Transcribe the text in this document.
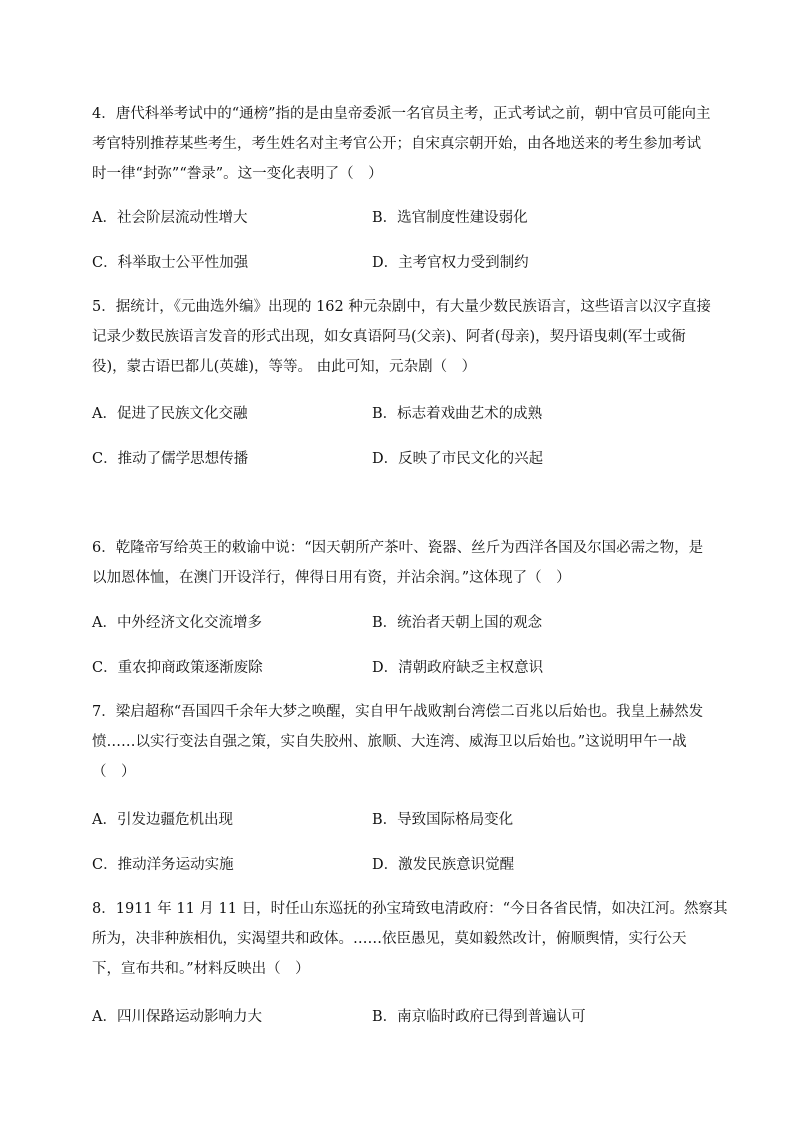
4．唐代科举考试中的“通榜”指的是由皇帝委派一名官员主考，正式考试之前，朝中官员可能向主
考官特别推荐某些考生，考生姓名对主考官公开；自宋真宗朝开始，由各地送来的考生参加考试
时一律“封弥”“誊录”。这一变化表明了（　）
A．社会阶层流动性增大	B．选官制度性建设弱化
C．科举取士公平性加强	D．主考官权力受到制约
5．据统计，《元曲选外编》出现的 162 种元杂剧中，有大量少数民族语言，这些语言以汉字直接
记录少数民族语言发音的形式出现，如女真语阿马(父亲)、阿者(母亲)，契丹语曳刺(军士或衙
役)，蒙古语巴都儿(英雄)，等等。 由此可知，元杂剧（　）
A．促进了民族文化交融	B．标志着戏曲艺术的成熟
C．推动了儒学思想传播	D．反映了市民文化的兴起
6．乾隆帝写给英王的敕谕中说：“因天朝所产茶叶、瓷器、丝斤为西洋各国及尔国必需之物，是
以加恩体恤，在澳门开设洋行，俾得日用有资，并沾余润。”这体现了（　）
A．中外经济文化交流增多	B．统治者天朝上国的观念
C．重农抑商政策逐渐废除	D．清朝政府缺乏主权意识
7．梁启超称“吾国四千余年大梦之唤醒，实自甲午战败割台湾偿二百兆以后始也。我皇上赫然发
愤……以实行变法自强之策，实自失胶州、旅顺、大连湾、威海卫以后始也。”这说明甲午一战
（　）
A．引发边疆危机出现	B．导致国际格局变化
C．推动洋务运动实施	D．激发民族意识觉醒
8．1911 年 11 月 11 日，时任山东巡抚的孙宝琦致电清政府：“今日各省民情，如决江河。然察其
所为，决非种族相仇，实渴望共和政体。……依臣愚见，莫如毅然改计，俯顺舆情，实行公天
下，宣布共和。”材料反映出（　）
A．四川保路运动影响力大	B．南京临时政府已得到普遍认可
